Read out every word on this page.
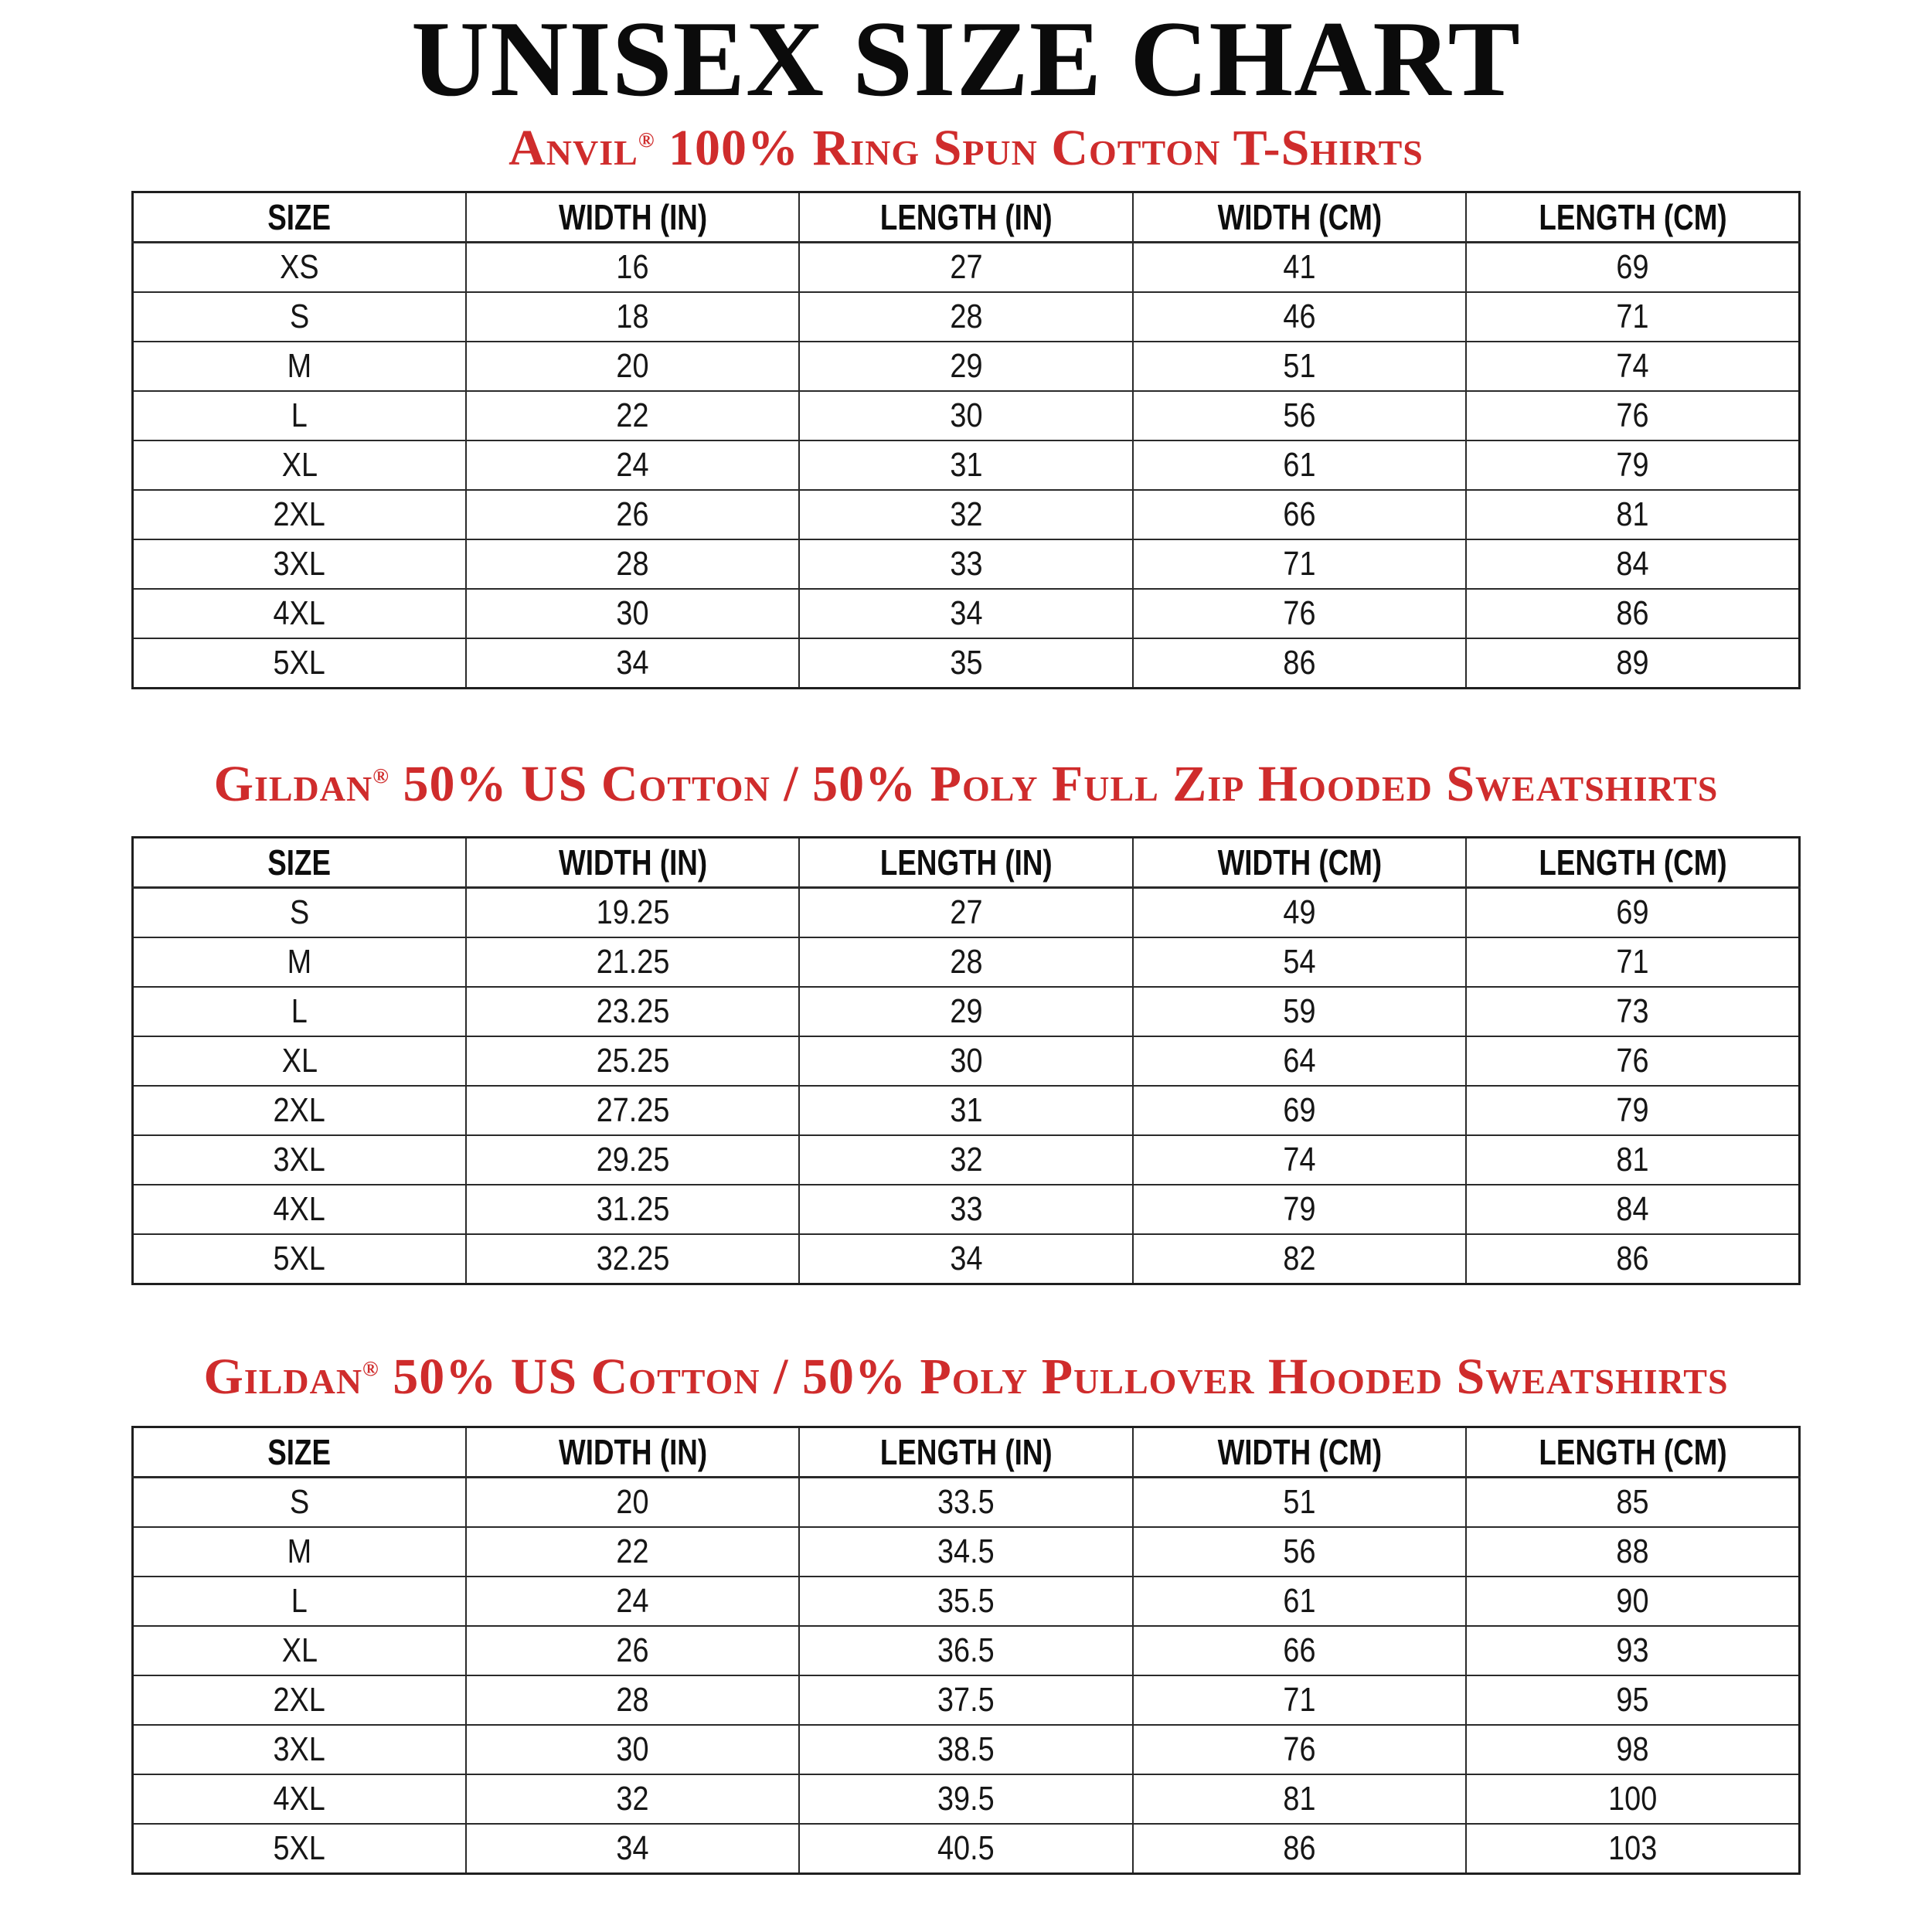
UNISEX SIZE CHART
Anvil® 100% Ring Spun Cotton T-Shirts
SIZE	WIDTH (IN)	LENGTH (IN)	WIDTH (CM)	LENGTH (CM)
XS	16	27	41	69
S	18	28	46	71
M	20	29	51	74
L	22	30	56	76
XL	24	31	61	79
2XL	26	32	66	81
3XL	28	33	71	84
4XL	30	34	76	86
5XL	34	35	86	89
Gildan® 50% US Cotton / 50% Poly Full Zip Hooded Sweatshirts
SIZE	WIDTH (IN)	LENGTH (IN)	WIDTH (CM)	LENGTH (CM)
S	19.25	27	49	69
M	21.25	28	54	71
L	23.25	29	59	73
XL	25.25	30	64	76
2XL	27.25	31	69	79
3XL	29.25	32	74	81
4XL	31.25	33	79	84
5XL	32.25	34	82	86
Gildan® 50% US Cotton / 50% Poly Pullover Hooded Sweatshirts
SIZE	WIDTH (IN)	LENGTH (IN)	WIDTH (CM)	LENGTH (CM)
S	20	33.5	51	85
M	22	34.5	56	88
L	24	35.5	61	90
XL	26	36.5	66	93
2XL	28	37.5	71	95
3XL	30	38.5	76	98
4XL	32	39.5	81	100
5XL	34	40.5	86	103
